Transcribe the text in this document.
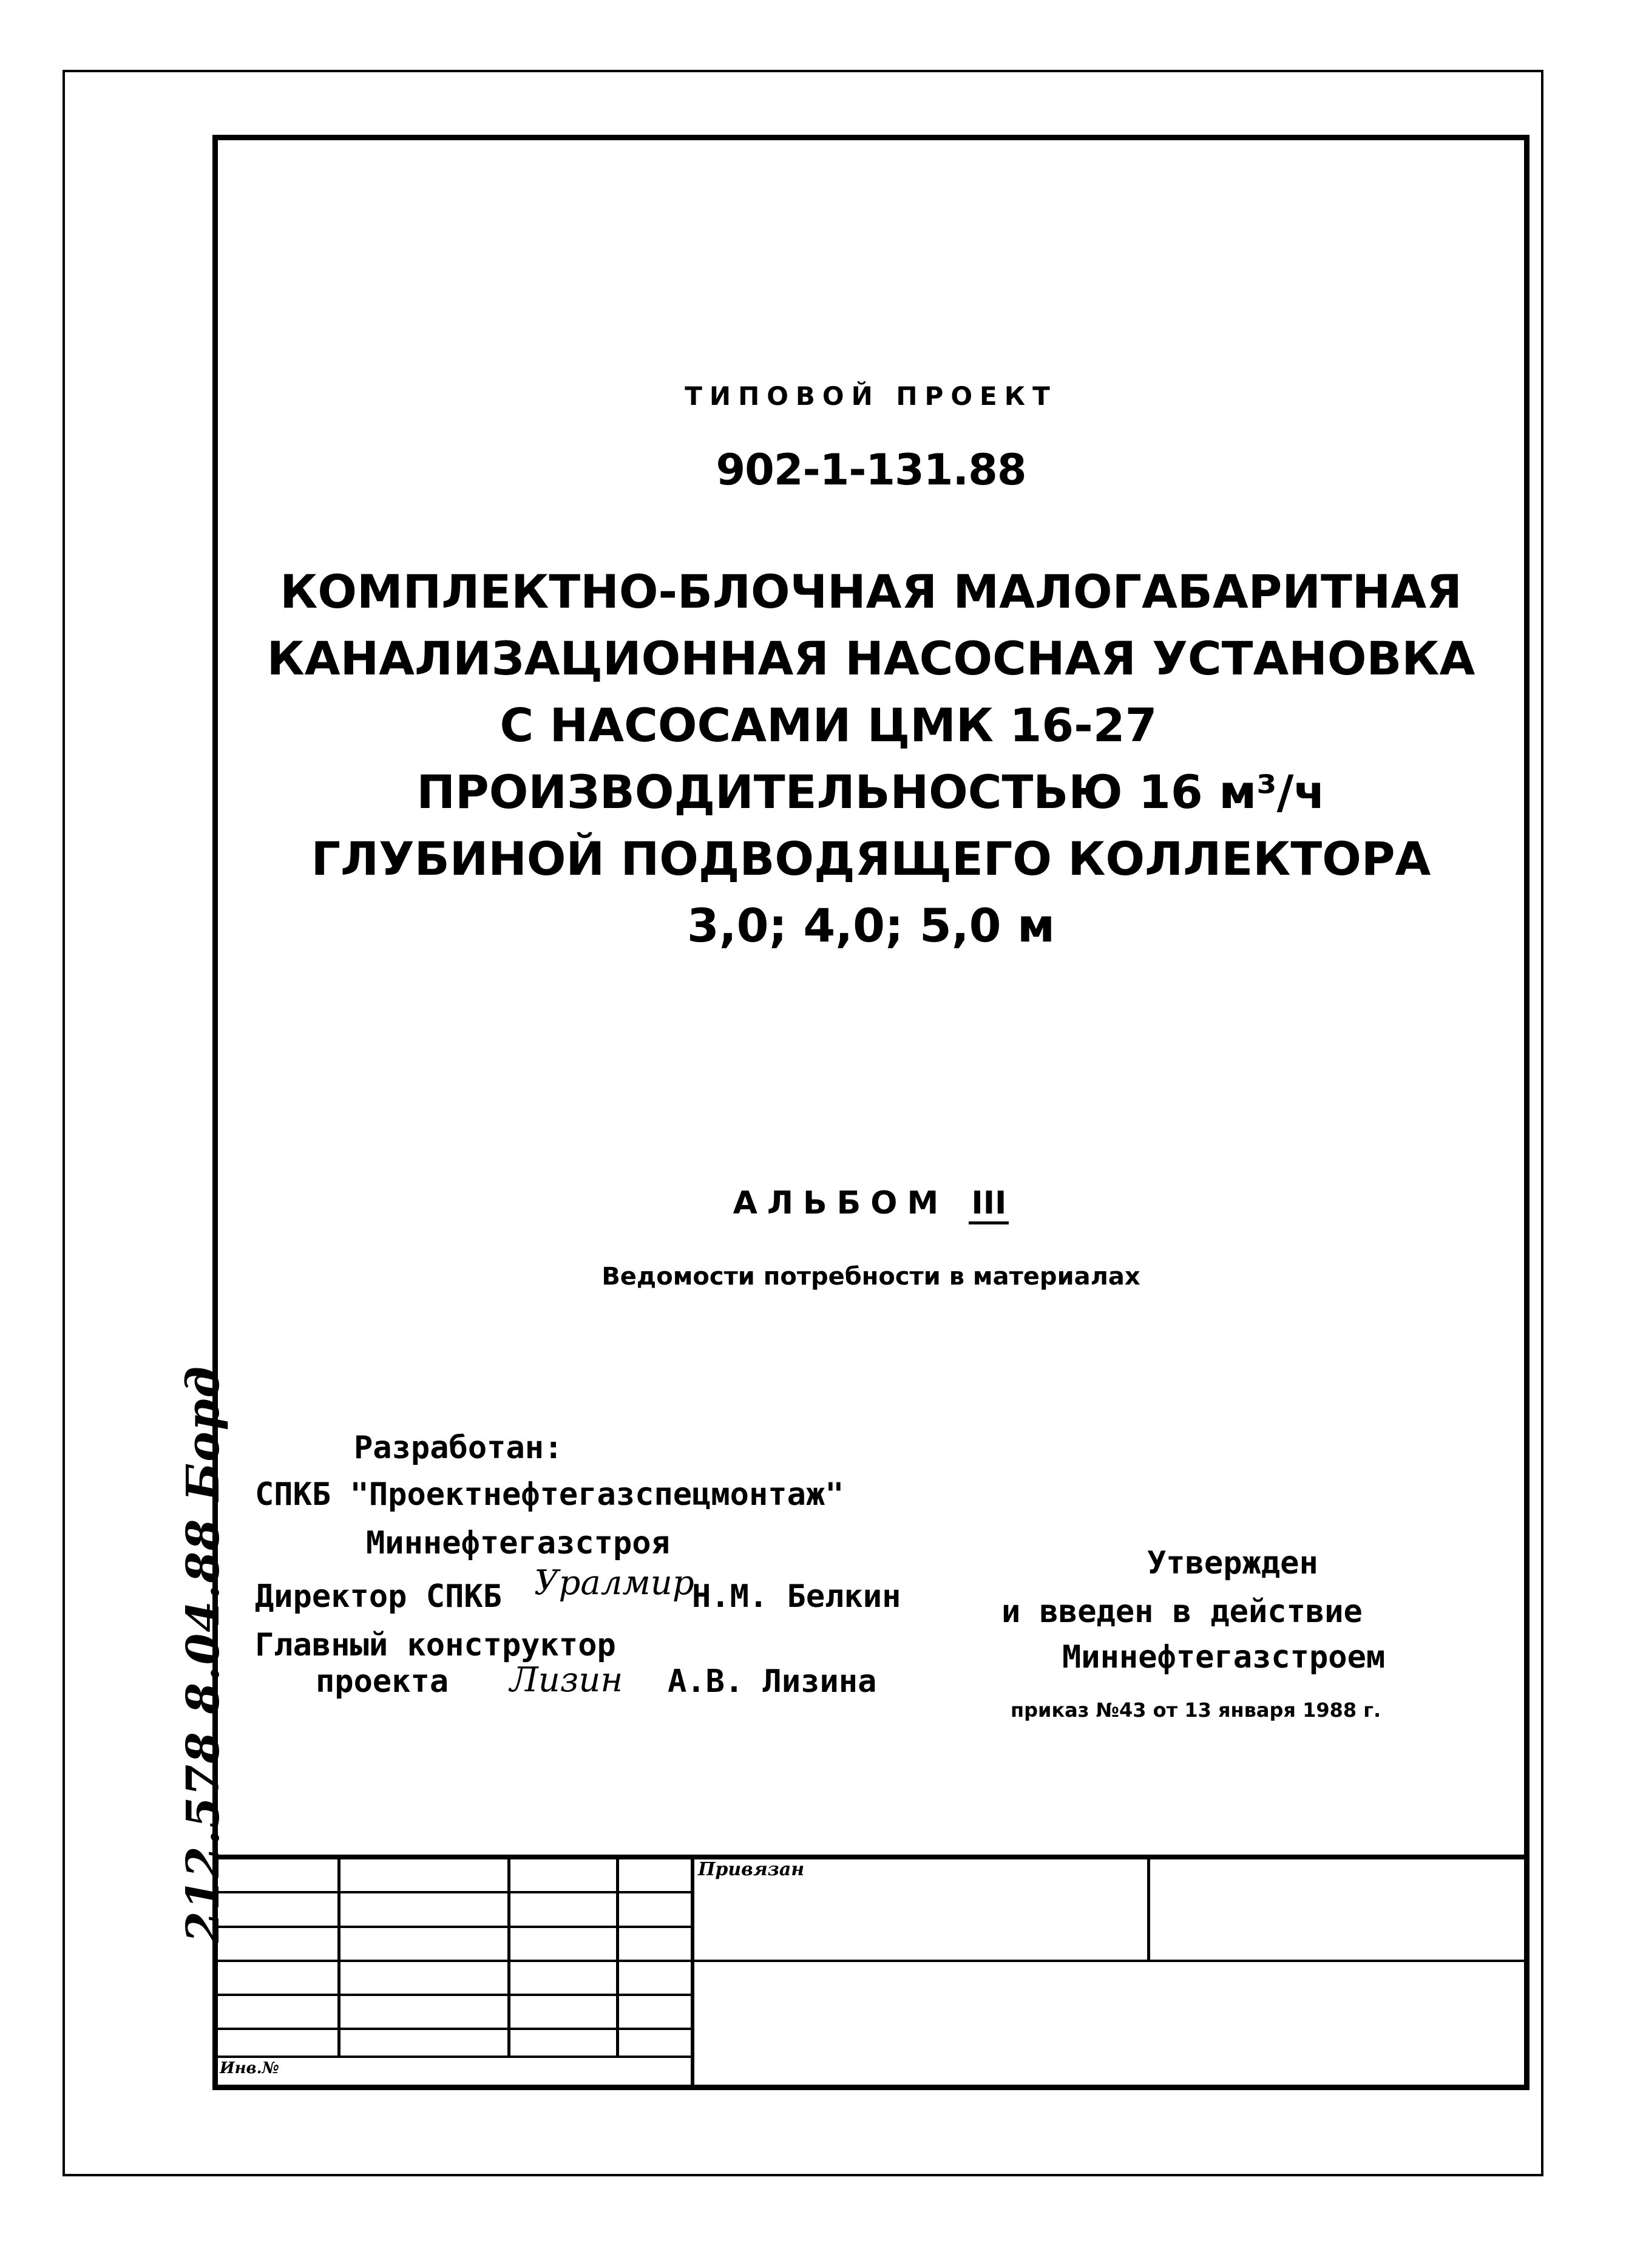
ТИПОВОЙ ПРОЕКТ
902-1-131.88
КОМПЛЕКТНО-БЛОЧНАЯ МАЛОГАБАРИТНАЯ
КАНАЛИЗАЦИОННАЯ НАСОСНАЯ УСТАНОВКА
С НАСОСАМИ ЦМК 16-27
ПРОИЗВОДИТЕЛЬНОСТЬЮ 16 м³/ч
ГЛУБИНОЙ ПОДВОДЯЩЕГО КОЛЛЕКТОРА
3,0; 4,0; 5,0 м
АЛЬБОМ III
Ведомости потребности в материалах
Разработан:
СПКБ "Проектнефтегазспецмонтаж"
Миннефтегазстроя
Директор СПКБ Уралмир
Н.М. Белкин
Главный конструктор
проекта Лизин А.В. Лизина
Утвержден
и введен в действие
Миннефтегазстроем
приказ №43 от 13 января 1988 г.
Привязан
Инв.№
212.578 8.04.88 Борд
